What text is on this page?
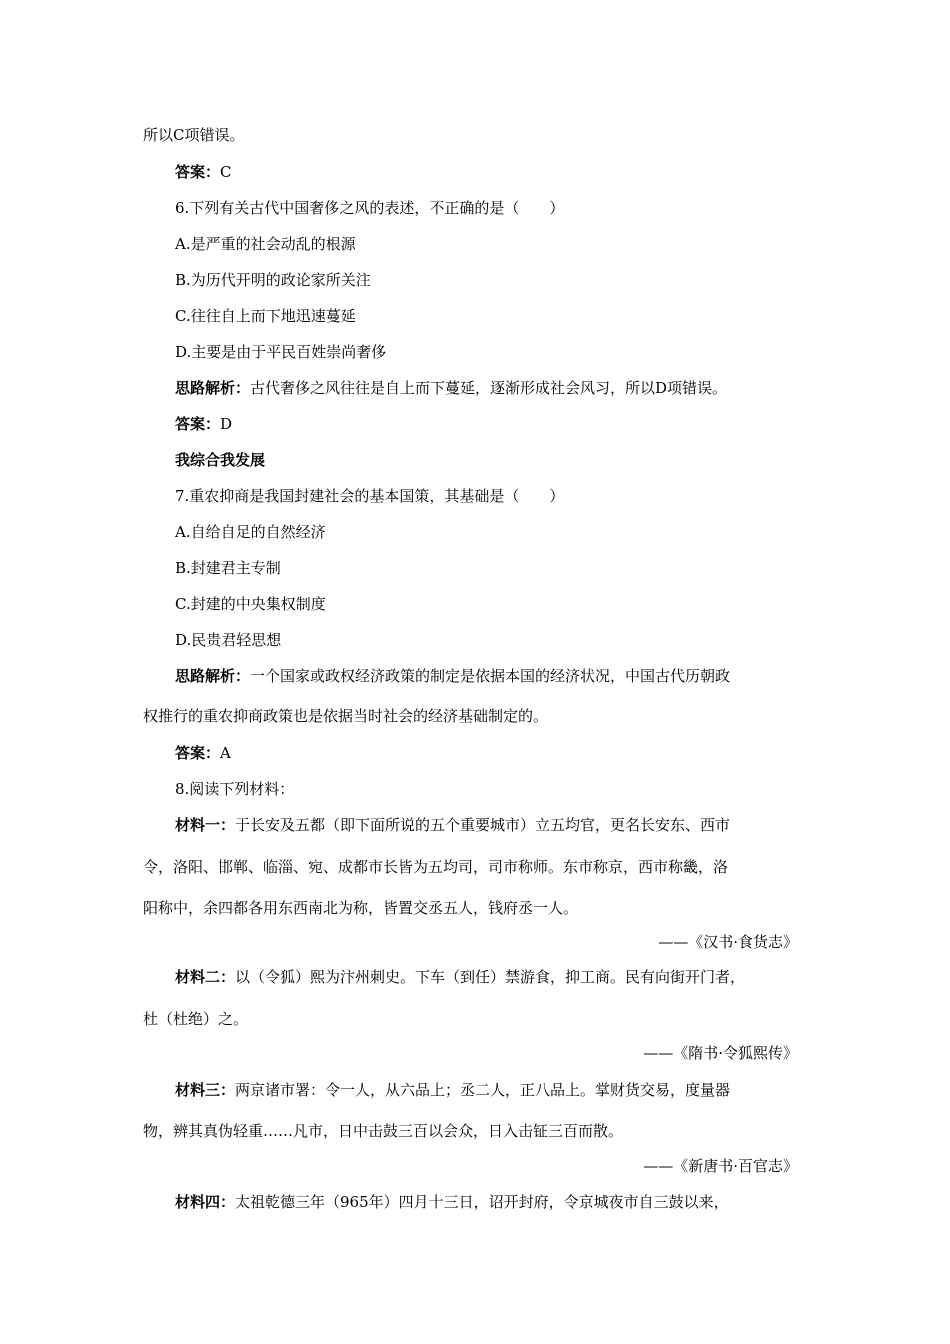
所以C项错误。
答案：C
6.下列有关古代中国奢侈之风的表述，不正确的是（　　）
A.是严重的社会动乱的根源
B.为历代开明的政论家所关注
C.往往自上而下地迅速蔓延
D.主要是由于平民百姓崇尚奢侈
思路解析：古代奢侈之风往往是自上而下蔓延，逐渐形成社会风习，所以D项错误。
答案：D
我综合我发展
7.重农抑商是我国封建社会的基本国策，其基础是（　　）
A.自给自足的自然经济
B.封建君主专制
C.封建的中央集权制度
D.民贵君轻思想
思路解析：一个国家或政权经济政策的制定是依据本国的经济状况，中国古代历朝政
权推行的重农抑商政策也是依据当时社会的经济基础制定的。
答案：A
8.阅读下列材料：
材料一：于长安及五都（即下面所说的五个重要城市）立五均官，更名长安东、西市
令，洛阳、邯郸、临淄、宛、成都市长皆为五均司，司市称师。东市称京，西市称畿，洛
阳称中，余四都各用东西南北为称，皆置交丞五人，钱府丞一人。
——《汉书·食货志》
材料二：以（令狐）熙为汴州刺史。下车（到任）禁游食，抑工商。民有向街开门者，
杜（杜绝）之。
——《隋书·令狐熙传》
材料三：两京诸市署：令一人，从六品上；丞二人，正八品上。掌财货交易，度量器
物，辨其真伪轻重……凡市，日中击鼓三百以会众，日入击钲三百而散。
——《新唐书·百官志》
材料四：太祖乾德三年（965年）四月十三日，诏开封府，令京城夜市自三鼓以来，
